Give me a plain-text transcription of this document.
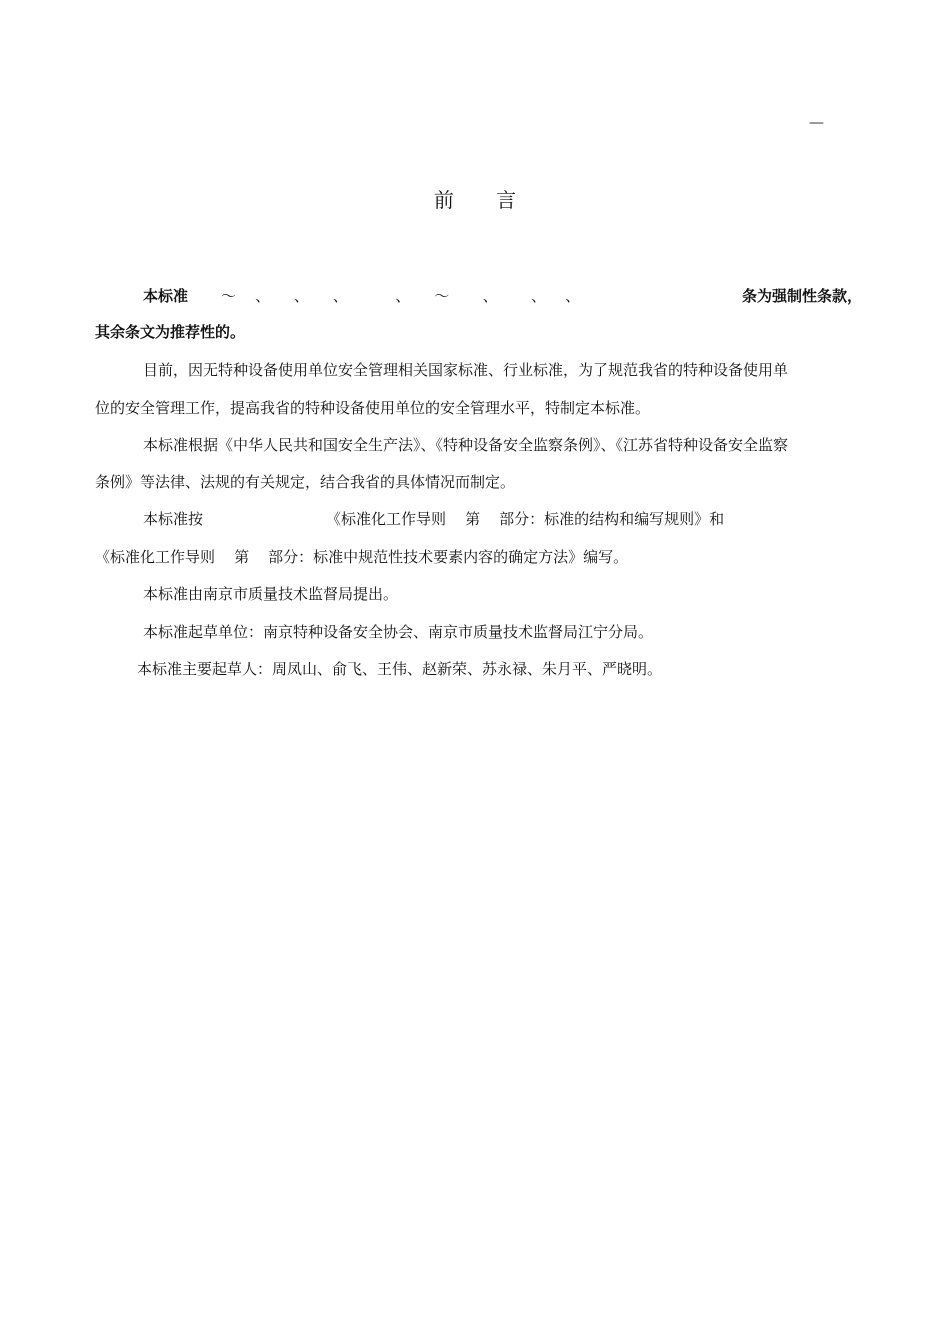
—
前 言
本标准 ～    、     、     、          、     ～       、       、    、	条为强制性条款，
其余条文为推荐性的。
目前，因无特种设备使用单位安全管理相关国家标准、行业标准，为了规范我省的特种设备使用单
位的安全管理工作，提高我省的特种设备使用单位的安全管理水平，特制定本标准。
本标准根据《中华人民共和国安全生产法》、《特种设备安全监察条例》、《江苏省特种设备安全监察
条例》等法律、法规的有关规定，结合我省的具体情况而制定。
本标准按	《标准化工作导则    第    部分：标准的结构和编写规则》和
《标准化工作导则    第    部分：标准中规范性技术要素内容的确定方法》编写。
本标准由南京市质量技术监督局提出。
本标准起草单位：南京特种设备安全协会、南京市质量技术监督局江宁分局。
本标准主要起草人：周凤山、俞飞、王伟、赵新荣、苏永禄、朱月平、严晓明。
